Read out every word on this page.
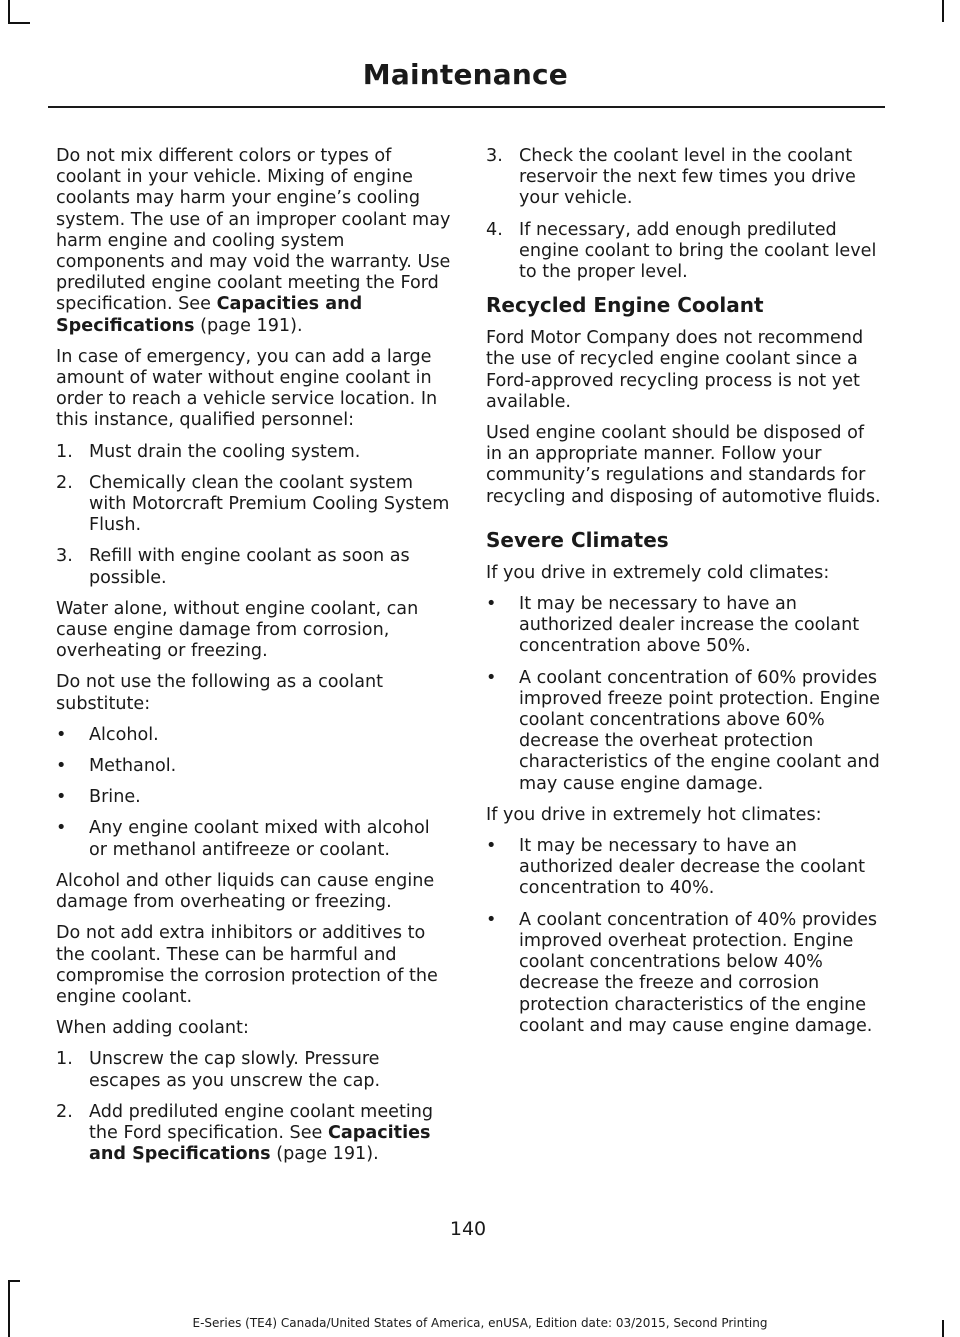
Maintenance

Do not mix different colors or types of coolant in your vehicle. Mixing of engine coolants may harm your engine’s cooling system. The use of an improper coolant may harm engine and cooling system components and may void the warranty. Use prediluted engine coolant meeting the Ford specification. See Capacities and Specifications (page 191).

In case of emergency, you can add a large amount of water without engine coolant in order to reach a vehicle service location. In this instance, qualified personnel:

1. Must drain the cooling system.
2. Chemically clean the coolant system with Motorcraft Premium Cooling System Flush.
3. Refill with engine coolant as soon as possible.

Water alone, without engine coolant, can cause engine damage from corrosion, overheating or freezing.

Do not use the following as a coolant substitute:

• Alcohol.
• Methanol.
• Brine.
• Any engine coolant mixed with alcohol or methanol antifreeze or coolant.

Alcohol and other liquids can cause engine damage from overheating or freezing.

Do not add extra inhibitors or additives to the coolant. These can be harmful and compromise the corrosion protection of the engine coolant.

When adding coolant:

1. Unscrew the cap slowly. Pressure escapes as you unscrew the cap.
2. Add prediluted engine coolant meeting the Ford specification. See Capacities and Specifications (page 191).
3. Check the coolant level in the coolant reservoir the next few times you drive your vehicle.
4. If necessary, add enough prediluted engine coolant to bring the coolant level to the proper level.
Recycled Engine Coolant

Ford Motor Company does not recommend the use of recycled engine coolant since a Ford-approved recycling process is not yet available.

Used engine coolant should be disposed of in an appropriate manner. Follow your community’s regulations and standards for recycling and disposing of automotive fluids.

Severe Climates

If you drive in extremely cold climates:

• It may be necessary to have an authorized dealer increase the coolant concentration above 50%.
• A coolant concentration of 60% provides improved freeze point protection. Engine coolant concentrations above 60% decrease the overheat protection characteristics of the engine coolant and may cause engine damage.

If you drive in extremely hot climates:

• It may be necessary to have an authorized dealer decrease the coolant concentration to 40%.
• A coolant concentration of 40% provides improved overheat protection. Engine coolant concentrations below 40% decrease the freeze and corrosion protection characteristics of the engine coolant and may cause engine damage.
140
E-Series (TE4) Canada/United States of America, enUSA, Edition date: 03/2015, Second Printing
